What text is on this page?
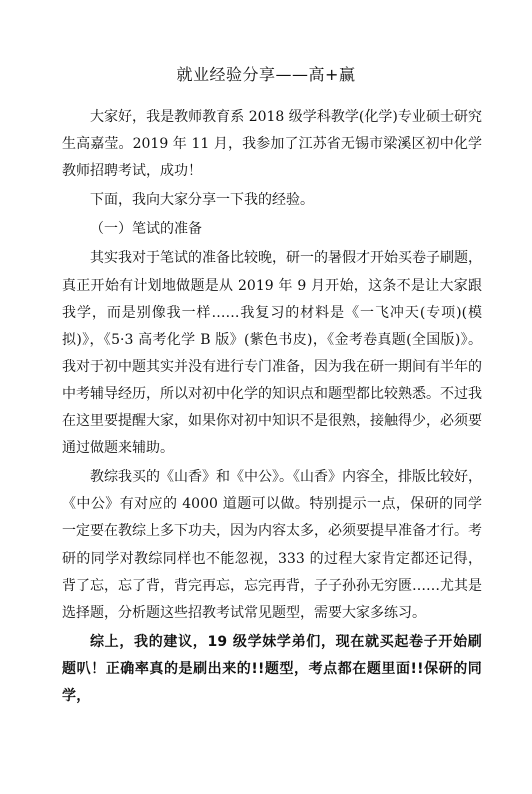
就业经验分享——高+赢

大家好，我是教师教育系 2018 级学科教学(化学)专业硕士研究生高嘉莹。2019 年 11 月，我参加了江苏省无锡市梁溪区初中化学教师招聘考试，成功！

下面，我向大家分享一下我的经验。

（一）笔试的准备

其实我对于笔试的准备比较晚，研一的暑假才开始买卷子刷题，真正开始有计划地做题是从 2019 年 9 月开始，这条不是让大家跟我学，而是别像我一样……我复习的材料是《一飞冲天(专项)(模拟)》，《5·3 高考化学 B 版》(紫色书皮)，《金考卷真题(全国版)》。我对于初中题其实并没有进行专门准备，因为我在研一期间有半年的中考辅导经历，所以对初中化学的知识点和题型都比较熟悉。不过我在这里要提醒大家，如果你对初中知识不是很熟，接触得少，必须要通过做题来辅助。

教综我买的《山香》和《中公》。《山香》内容全，排版比较好，《中公》有对应的 4000 道题可以做。特别提示一点，保研的同学一定要在教综上多下功夫，因为内容太多，必须要提早准备才行。考研的同学对教综同样也不能忽视，333 的过程大家肯定都还记得，背了忘，忘了背，背完再忘，忘完再背，子子孙孙无穷匮……尤其是选择题，分析题这些招教考试常见题型，需要大家多练习。

综上，我的建议，19 级学妹学弟们，现在就买起卷子开始刷题叭！正确率真的是刷出来的!!题型，考点都在题里面!!保研的同学，
